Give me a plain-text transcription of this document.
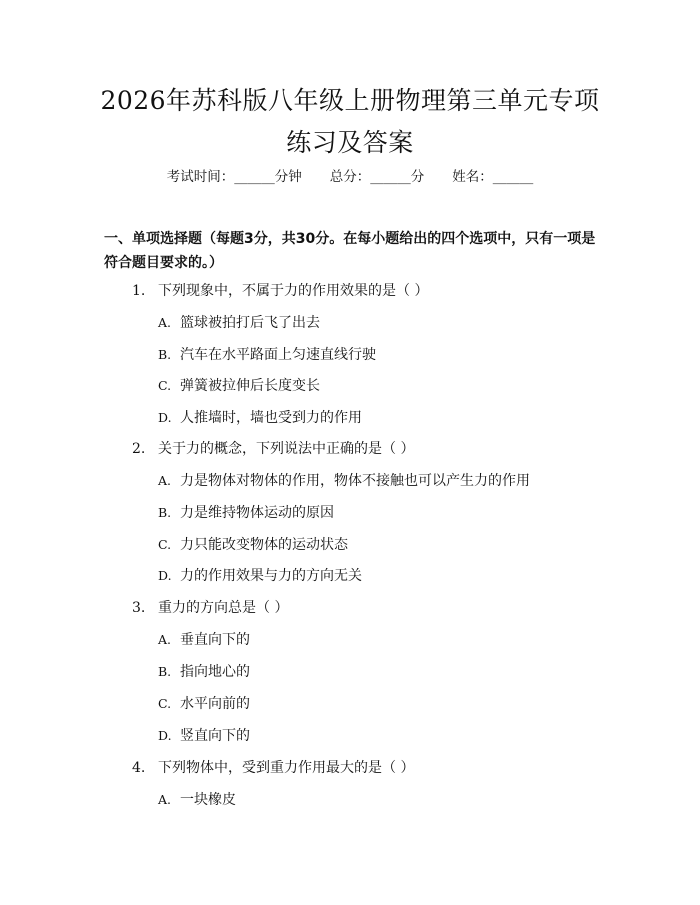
2026年苏科版八年级上册物理第三单元专项
练习及答案
考试时间：______分钟 总分：______分 姓名：______
一、单项选择题（每题3分，共30分。在每小题给出的四个选项中，只有一项是
符合题目要求的。）
1. 下列现象中，不属于力的作用效果的是（ ）
A. 篮球被拍打后飞了出去
B. 汽车在水平路面上匀速直线行驶
C. 弹簧被拉伸后长度变长
D. 人推墙时，墙也受到力的作用
2. 关于力的概念，下列说法中正确的是（ ）
A. 力是物体对物体的作用，物体不接触也可以产生力的作用
B. 力是维持物体运动的原因
C. 力只能改变物体的运动状态
D. 力的作用效果与力的方向无关
3. 重力的方向总是（ ）
A. 垂直向下的
B. 指向地心的
C. 水平向前的
D. 竖直向下的
4. 下列物体中，受到重力作用最大的是（ ）
A. 一块橡皮
